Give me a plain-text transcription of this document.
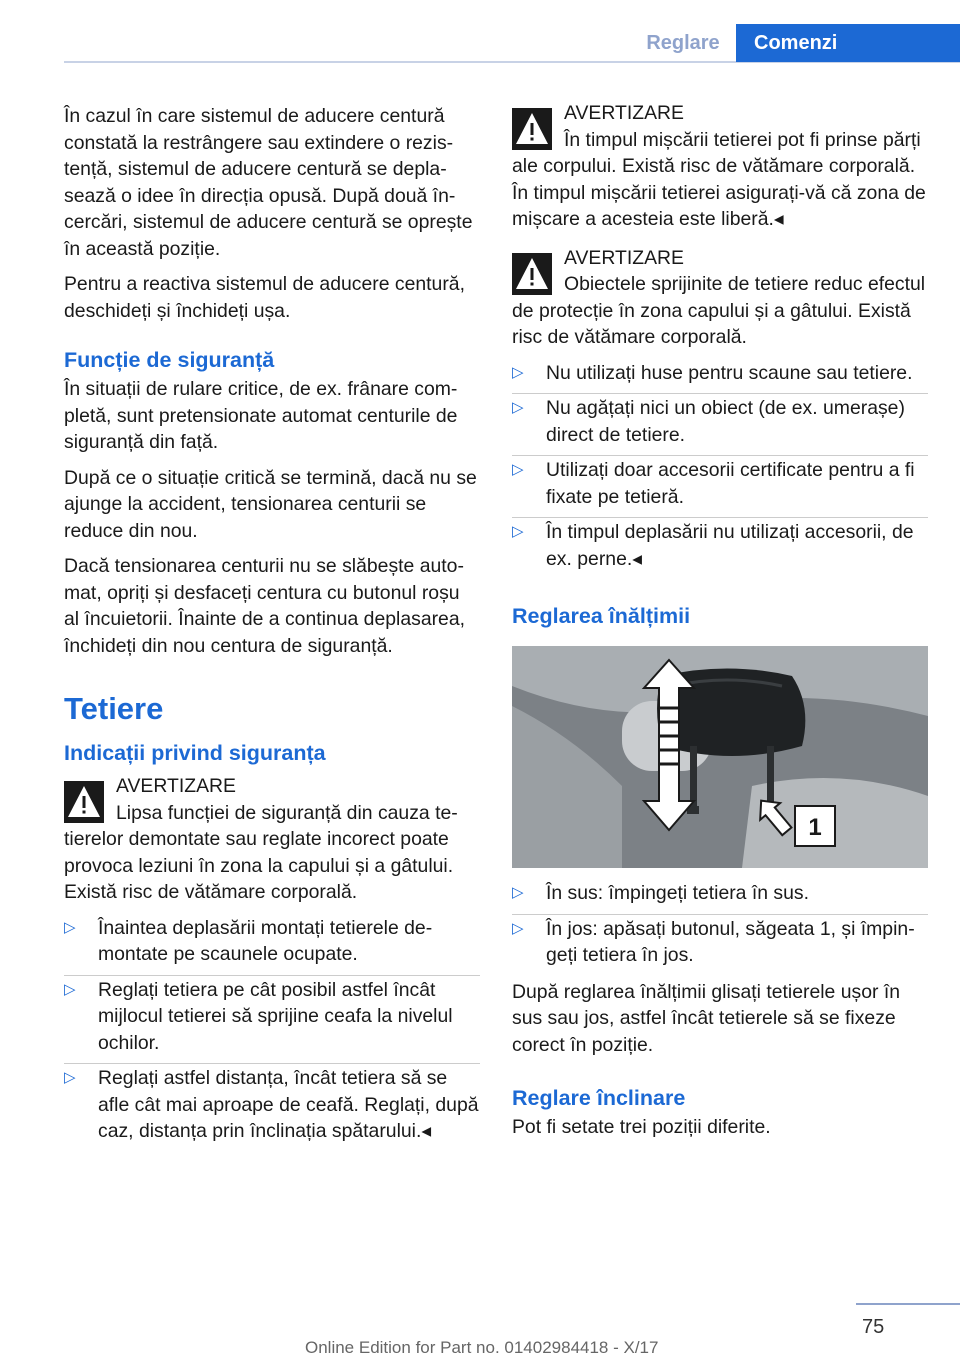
Reglare	Comenzi

În cazul în care sistemul de aducere centură constată la restrângere sau extindere o rezistență, sistemul de aducere centură se deplasează o idee în direcția opusă. După două încercări, sistemul de aducere centură se oprește în această poziție.

Pentru a reactiva sistemul de aducere centură, deschideți și închideți ușa.

Funcție de siguranță

În situații de rulare critice, de ex. frânare completă, sunt pretensionate automat centurile de siguranță din față.

După ce o situație critică se termină, dacă nu se ajunge la accident, tensionarea centurii se reduce din nou.

Dacă tensionarea centurii nu se slăbește automat, opriți și desfaceți centura cu butonul roșu al încuietorii. Înainte de a continua deplasarea, închideți din nou centura de siguranță.

Tetiere
Indicații privind siguranța
AVERTIZARE
Lipsa funcției de siguranță din cauza tetierelor demontate sau reglate incorect poate provoca leziuni în zona la capului și a gâtului. Există risc de vătămare corporală.
▷	Înaintea deplasării montați tetierele demontate pe scaunele ocupate.
▷	Reglați tetiera pe cât posibil astfel încât mijlocul tetierei să sprijine ceafa la nivelul ochilor.
▷	Reglați astfel distanța, încât tetiera să se afle cât mai aproape de ceafă. Reglați, după caz, distanța prin înclinația spătarului.◂
AVERTIZARE
În timpul mișcării tetierei pot fi prinse părți ale corpului. Există risc de vătămare corporală. În timpul mișcării tetierei asigurați-vă că zona de mișcare a acesteia este liberă.◂
AVERTIZARE
Obiectele sprijinite de tetiere reduc efectul de protecție în zona capului și a gâtului. Există risc de vătămare corporală.
▷	Nu utilizați huse pentru scaune sau tetiere.
▷	Nu agățați nici un obiect (de ex. umerașe) direct de tetiere.
▷	Utilizați doar accesorii certificate pentru a fi fixate pe tetieră.
▷	În timpul deplasării nu utilizați accesorii, de ex. perne.◂
Reglarea înălțimii
1
▷	În sus: împingeți tetiera în sus.
▷	În jos: apăsați butonul, săgeata 1, și împingeți tetiera în jos.

După reglarea înălțimii glisați tetierele ușor în sus sau jos, astfel încât tetierele să se fixeze corect în poziție.

Reglare înclinare

Pot fi setate trei poziții diferite.

75
Online Edition for Part no. 01402984418 - X/17
